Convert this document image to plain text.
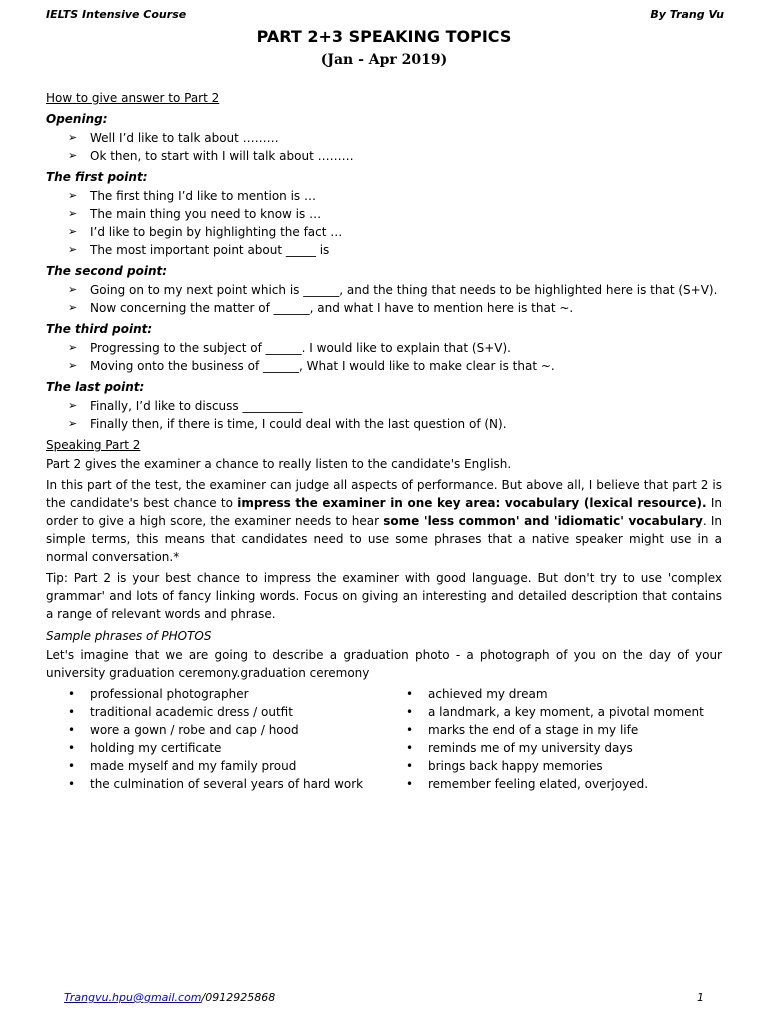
IELTS Intensive Course	By Trang Vu
PART 2+3 SPEAKING TOPICS
(Jan - Apr 2019)
How to give answer to Part 2
Opening:
➢ Well I’d like to talk about ………
➢ Ok then, to start with I will talk about ………
The first point:
➢ The first thing I’d like to mention is …
➢ The main thing you need to know is …
➢ I’d like to begin by highlighting the fact …
➢ The most important point about _____ is
The second point:
➢ Going on to my next point which is ______, and the thing that needs to be highlighted here is that (S+V).
➢ Now concerning the matter of ______, and what I have to mention here is that ~.
The third point:
➢ Progressing to the subject of ______. I would like to explain that (S+V).
➢ Moving onto the business of ______, What I would like to make clear is that ~.
The last point:
➢ Finally, I’d like to discuss __________
➢ Finally then, if there is time, I could deal with the last question of (N).
Speaking Part 2

Part 2 gives the examiner a chance to really listen to the candidate's English.

In this part of the test, the examiner can judge all aspects of performance. But above all, I believe that part 2 is the candidate's best chance to impress the examiner in one key area: vocabulary (lexical resource). In order to give a high score, the examiner needs to hear some 'less common' and 'idiomatic' vocabulary. In simple terms, this means that candidates need to use some phrases that a native speaker might use in a normal conversation.*

Tip: Part 2 is your best chance to impress the examiner with good language. But don't try to use 'complex grammar' and lots of fancy linking words. Focus on giving an interesting and detailed description that contains a range of relevant words and phrase.

Sample phrases of PHOTOS

Let's imagine that we are going to describe a graduation photo - a photograph of you on the day of your university graduation ceremony.graduation ceremony

• professional photographer
• traditional academic dress / outfit
• wore a gown / robe and cap / hood
• holding my certificate
• made myself and my family proud
• the culmination of several years of hard work
• achieved my dream
• a landmark, a key moment, a pivotal moment
• marks the end of a stage in my life
• reminds me of my university days
• brings back happy memories
• remember feeling elated, overjoyed.
Trangvu.hpu@gmail.com/0912925868	1
